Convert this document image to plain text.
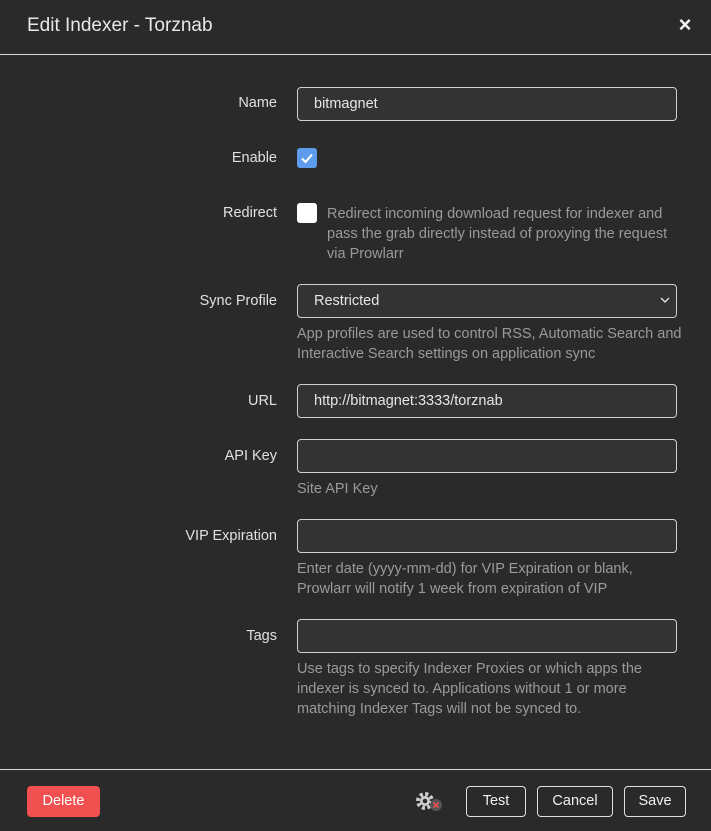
Edit Indexer - Torznab	×
Name	bitmagnet
Enable
Redirect	Redirect incoming download request for indexer and pass the grab directly instead of proxying the request via Prowlarr
Sync Profile	Restricted
App profiles are used to control RSS, Automatic Search and Interactive Search settings on application sync
URL	http://bitmagnet:3333/torznab
API Key
Site API Key
VIP Expiration
Enter date (yyyy-mm-dd) for VIP Expiration or blank, Prowlarr will notify 1 week from expiration of VIP
Tags
Use tags to specify Indexer Proxies or which apps the indexer is synced to. Applications without 1 or more matching Indexer Tags will not be synced to.
Delete	Test	Cancel	Save
